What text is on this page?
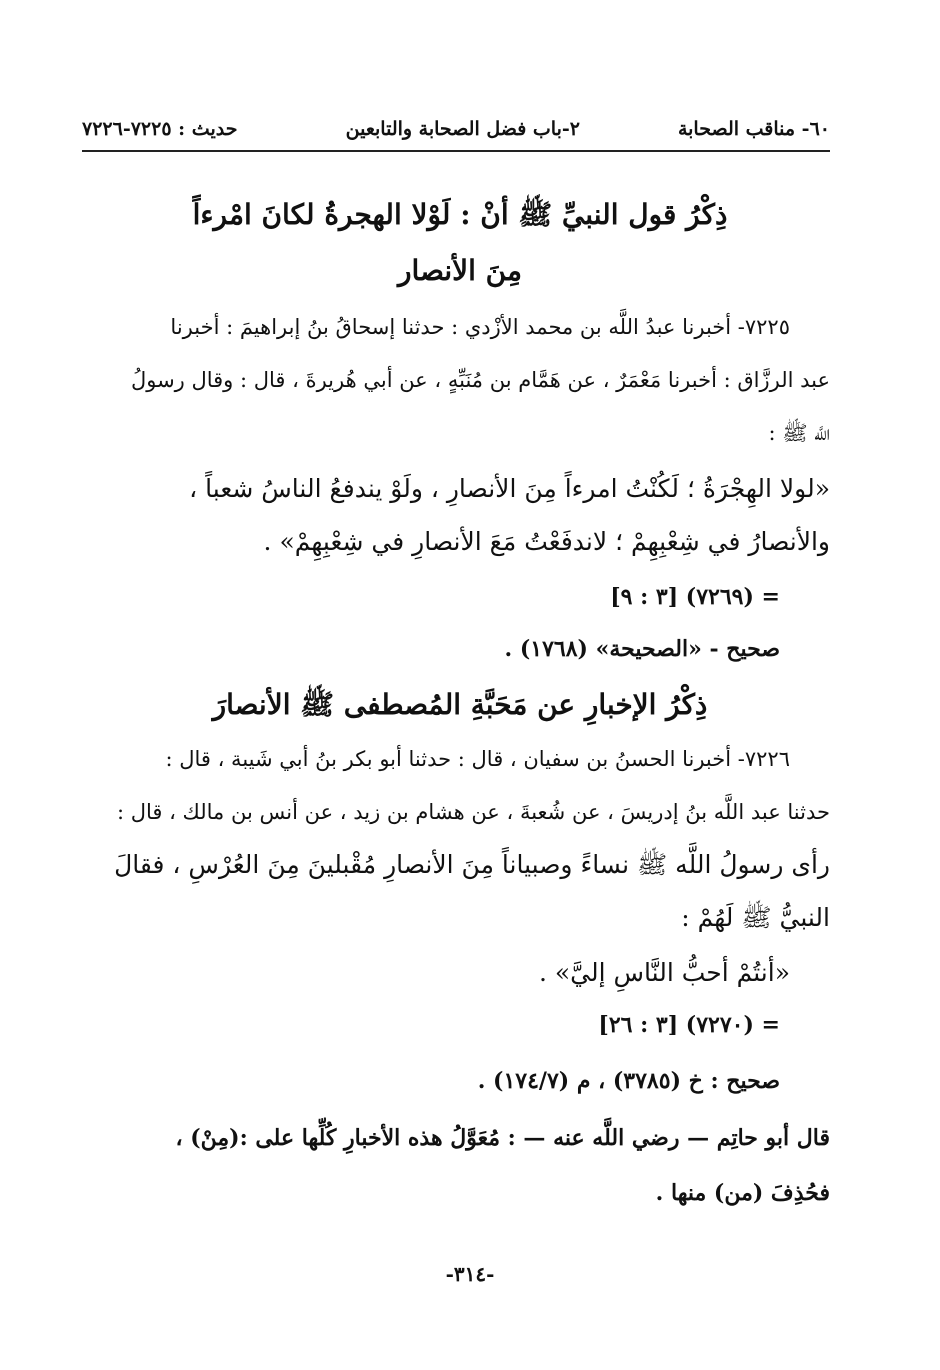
٦٠- مناقب الصحابة
٢-باب فضل الصحابة والتابعين
حديث : ٧٢٢٥-٧٢٢٦
ذِكْرُ قول النبيِّ ﷺ أنْ : لَوْلا الهجرةُ لكانَ امْرءاً
مِنَ الأنصار
٧٢٢٥- أخبرنا عبدُ اللَّه بن محمد الأزْدي : حدثنا إسحاقُ بنُ إبراهيمَ : أخبرنا
عبد الرزَّاق : أخبرنا مَعْمَرٌ ، عن هَمَّام بن مُنَبِّهٍ ، عن أبي هُريرةَ ، قال : وقال رسولُ
اللَّه ﷺ :
«لولا الهِجْرَةُ ؛ لَكُنْتُ امرءاً مِنَ الأنصارِ ، ولَوْ يندفعُ الناسُ شعباً ،
والأنصارُ في شِعْبِهِمْ ؛ لاندفَعْتُ مَعَ الأنصارِ في شِعْبِهِمْ» .
= (٧٢٦٩) [٣ : ٩]
صحيح - «الصحيحة» (١٧٦٨) .
ذِكْرُ الإخبارِ عن مَحَبَّةِ المُصطفى ﷺ الأنصارَ
٧٢٢٦- أخبرنا الحسنُ بن سفيان ، قال : حدثنا أبو بكر بنُ أبي شَيبة ، قال :
حدثنا عبد اللَّه بنُ إدريسَ ، عن شُعبةَ ، عن هشام بن زيد ، عن أنس بن مالك ، قال :
رأى رسولُ اللَّه ﷺ نساءً وصبياناً مِنَ الأنصارِ مُقْبلينَ مِنَ العُرْسِ ، فقالَ
النبيُّ ﷺ لَهُمْ :
«أنتُمْ أحبُّ النَّاسِ إليَّ» .
= (٧٢٧٠) [٣ : ٢٦]
صحيح : خ (٣٧٨٥) ، م (١٧٤/٧) .
قال أبو حاتِم — رضي اللَّه عنه — : مُعَوَّلُ هذه الأخبارِ كُلِّها على :(مِنْ) ،
فحُذِفَ (من) منها .
-٣١٤-
